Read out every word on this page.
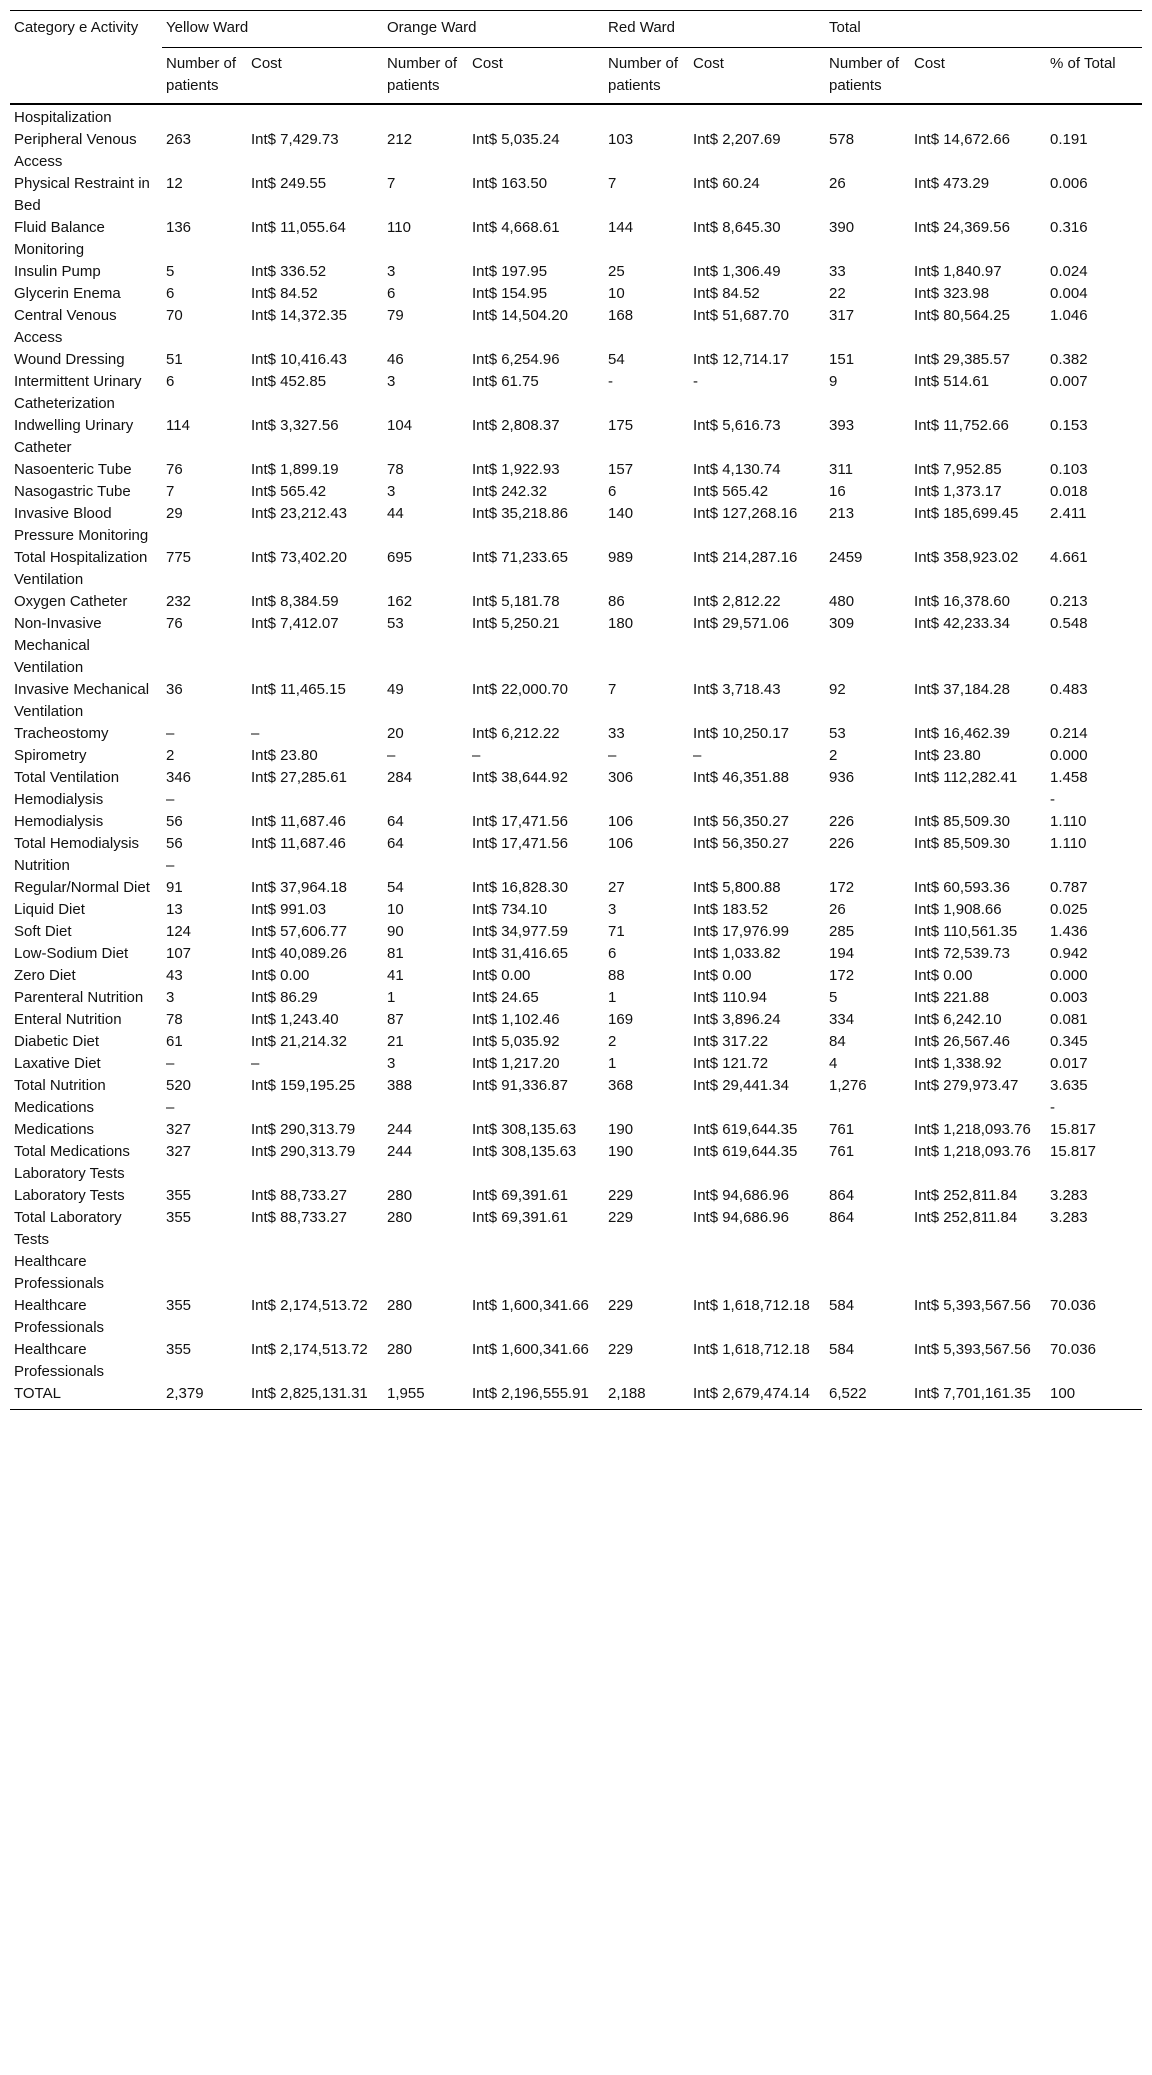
Category e Activity	Yellow Ward		Orange Ward		Red Ward		Total		
	Number of patients	Cost	Number of patients	Cost	Number of patients	Cost	Number of patients	Cost	% of Total
Hospitalization									
Peripheral Venous Access	263	Int$ 7,429.73	212	Int$ 5,035.24	103	Int$ 2,207.69	578	Int$ 14,672.66	0.191
Physical Restraint in Bed	12	Int$ 249.55	7	Int$ 163.50	7	Int$ 60.24	26	Int$ 473.29	0.006
Fluid Balance Monitoring	136	Int$ 11,055.64	110	Int$ 4,668.61	144	Int$ 8,645.30	390	Int$ 24,369.56	0.316
Insulin Pump	5	Int$ 336.52	3	Int$ 197.95	25	Int$ 1,306.49	33	Int$ 1,840.97	0.024
Glycerin Enema	6	Int$ 84.52	6	Int$ 154.95	10	Int$ 84.52	22	Int$ 323.98	0.004
Central Venous Access	70	Int$ 14,372.35	79	Int$ 14,504.20	168	Int$ 51,687.70	317	Int$ 80,564.25	1.046
Wound Dressing	51	Int$ 10,416.43	46	Int$ 6,254.96	54	Int$ 12,714.17	151	Int$ 29,385.57	0.382
Intermittent Urinary Catheterization	6	Int$ 452.85	3	Int$ 61.75	-	-	9	Int$ 514.61	0.007
Indwelling Urinary Catheter	114	Int$ 3,327.56	104	Int$ 2,808.37	175	Int$ 5,616.73	393	Int$ 11,752.66	0.153
Nasoenteric Tube	76	Int$ 1,899.19	78	Int$ 1,922.93	157	Int$ 4,130.74	311	Int$ 7,952.85	0.103
Nasogastric Tube	7	Int$ 565.42	3	Int$ 242.32	6	Int$ 565.42	16	Int$ 1,373.17	0.018
Invasive Blood Pressure Monitoring	29	Int$ 23,212.43	44	Int$ 35,218.86	140	Int$ 127,268.16	213	Int$ 185,699.45	2.411
Total Hospitalization	775	Int$ 73,402.20	695	Int$ 71,233.65	989	Int$ 214,287.16	2459	Int$ 358,923.02	4.661
Ventilation									
Oxygen Catheter	232	Int$ 8,384.59	162	Int$ 5,181.78	86	Int$ 2,812.22	480	Int$ 16,378.60	0.213
Non-Invasive Mechanical Ventilation	76	Int$ 7,412.07	53	Int$ 5,250.21	180	Int$ 29,571.06	309	Int$ 42,233.34	0.548
Invasive Mechanical Ventilation	36	Int$ 11,465.15	49	Int$ 22,000.70	7	Int$ 3,718.43	92	Int$ 37,184.28	0.483
Tracheostomy	–	–	20	Int$ 6,212.22	33	Int$ 10,250.17	53	Int$ 16,462.39	0.214
Spirometry	2	Int$ 23.80	–	–	–	–	2	Int$ 23.80	0.000
Total Ventilation	346	Int$ 27,285.61	284	Int$ 38,644.92	306	Int$ 46,351.88	936	Int$ 112,282.41	1.458
Hemodialysis	–								-
Hemodialysis	56	Int$ 11,687.46	64	Int$ 17,471.56	106	Int$ 56,350.27	226	Int$ 85,509.30	1.110
Total Hemodialysis	56	Int$ 11,687.46	64	Int$ 17,471.56	106	Int$ 56,350.27	226	Int$ 85,509.30	1.110
Nutrition	–								
Regular/Normal Diet	91	Int$ 37,964.18	54	Int$ 16,828.30	27	Int$ 5,800.88	172	Int$ 60,593.36	0.787
Liquid Diet	13	Int$ 991.03	10	Int$ 734.10	3	Int$ 183.52	26	Int$ 1,908.66	0.025
Soft Diet	124	Int$ 57,606.77	90	Int$ 34,977.59	71	Int$ 17,976.99	285	Int$ 110,561.35	1.436
Low-Sodium Diet	107	Int$ 40,089.26	81	Int$ 31,416.65	6	Int$ 1,033.82	194	Int$ 72,539.73	0.942
Zero Diet	43	Int$ 0.00	41	Int$ 0.00	88	Int$ 0.00	172	Int$ 0.00	0.000
Parenteral Nutrition	3	Int$ 86.29	1	Int$ 24.65	1	Int$ 110.94	5	Int$ 221.88	0.003
Enteral Nutrition	78	Int$ 1,243.40	87	Int$ 1,102.46	169	Int$ 3,896.24	334	Int$ 6,242.10	0.081
Diabetic Diet	61	Int$ 21,214.32	21	Int$ 5,035.92	2	Int$ 317.22	84	Int$ 26,567.46	0.345
Laxative Diet	–	–	3	Int$ 1,217.20	1	Int$ 121.72	4	Int$ 1,338.92	0.017
Total Nutrition	520	Int$ 159,195.25	388	Int$ 91,336.87	368	Int$ 29,441.34	1,276	Int$ 279,973.47	3.635
Medications	–								-
Medications	327	Int$ 290,313.79	244	Int$ 308,135.63	190	Int$ 619,644.35	761	Int$ 1,218,093.76	15.817
Total Medications	327	Int$ 290,313.79	244	Int$ 308,135.63	190	Int$ 619,644.35	761	Int$ 1,218,093.76	15.817
Laboratory Tests									
Laboratory Tests	355	Int$ 88,733.27	280	Int$ 69,391.61	229	Int$ 94,686.96	864	Int$ 252,811.84	3.283
Total Laboratory Tests	355	Int$ 88,733.27	280	Int$ 69,391.61	229	Int$ 94,686.96	864	Int$ 252,811.84	3.283
Healthcare Professionals									
Healthcare Professionals	355	Int$ 2,174,513.72	280	Int$ 1,600,341.66	229	Int$ 1,618,712.18	584	Int$ 5,393,567.56	70.036
Healthcare Professionals	355	Int$ 2,174,513.72	280	Int$ 1,600,341.66	229	Int$ 1,618,712.18	584	Int$ 5,393,567.56	70.036
TOTAL	2,379	Int$ 2,825,131.31	1,955	Int$ 2,196,555.91	2,188	Int$ 2,679,474.14	6,522	Int$ 7,701,161.35	100
